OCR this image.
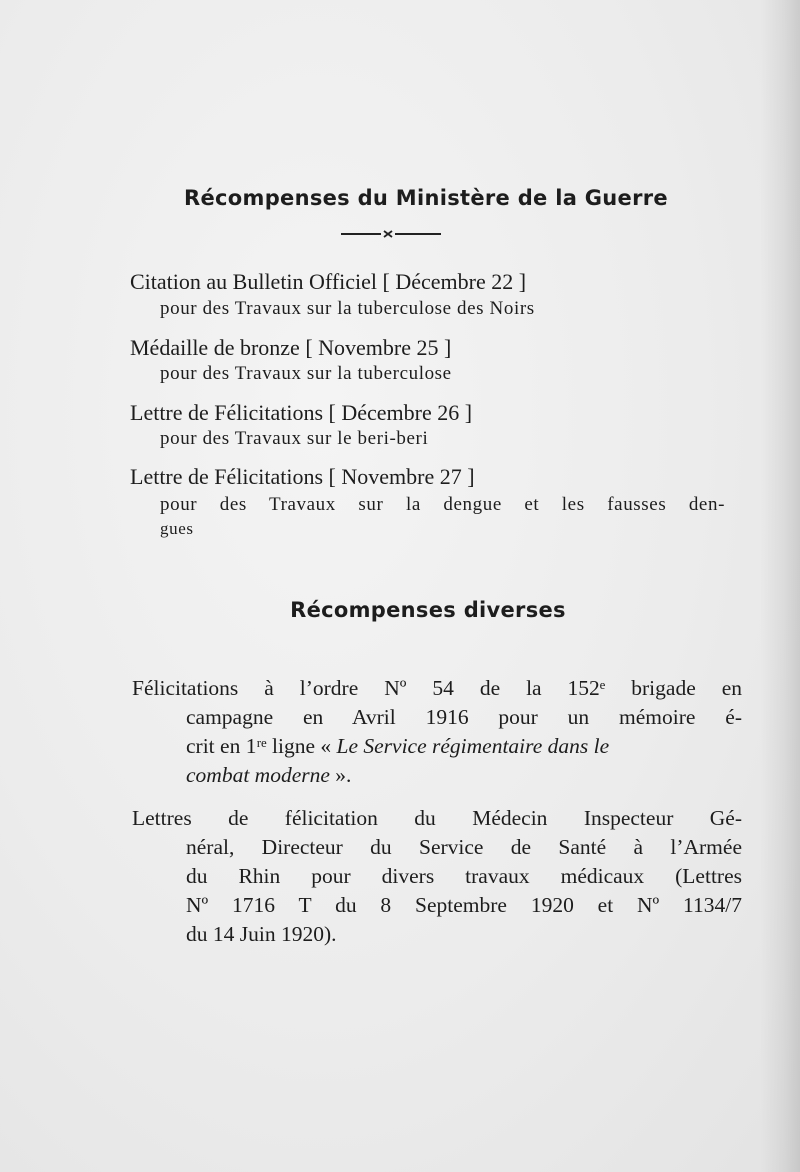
Récompenses du Ministère de la Guerre

Citation au Bulletin Officiel [ Décembre 22 ]

pour des Travaux sur la tuberculose des Noirs

Médaille de bronze [ Novembre 25 ]

pour des Travaux sur la tuberculose

Lettre de Félicitations [ Décembre 26 ]

pour des Travaux sur le beri-beri

Lettre de Félicitations [ Novembre 27 ]

pour des Travaux sur la dengue et les fausses den-

gues

Récompenses diverses
Félicitations à l’ordre Nº 54 de la 152ᵉ brigade en
campagne en Avril 1916 pour un mémoire é-
crit en 1ʳᵉ ligne « Le Service régimentaire dans le
combat moderne ».
Lettres de félicitation du Médecin Inspecteur Gé-
néral, Directeur du Service de Santé à l’Armée
du Rhin pour divers travaux médicaux (Lettres
Nº 1716 T du 8 Septembre 1920 et Nº 1134/7
du 14 Juin 1920).
